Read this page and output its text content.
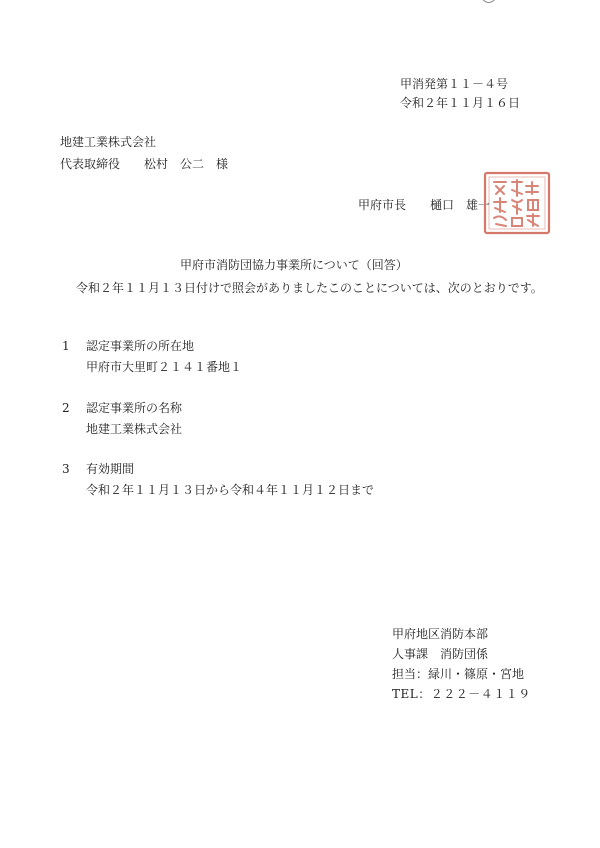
甲消発第１１－４号
令和２年１１月１６日
地建工業株式会社
代表取締役　　松村　公二　様
甲府市長　　樋口　雄一
甲府市消防団協力事業所について（回答）
令和２年１１月１３日付けで照会がありましたこのことについては、次のとおりです。
1 認定事業所の所在地
甲府市大里町２１４１番地１
2 認定事業所の名称
地建工業株式会社
3 有効期間
令和２年１１月１３日から令和４年１１月１２日まで
甲府地区消防本部
人事課　消防団係
担当：緑川・篠原・宮地
TEL：２２２－４１１９
